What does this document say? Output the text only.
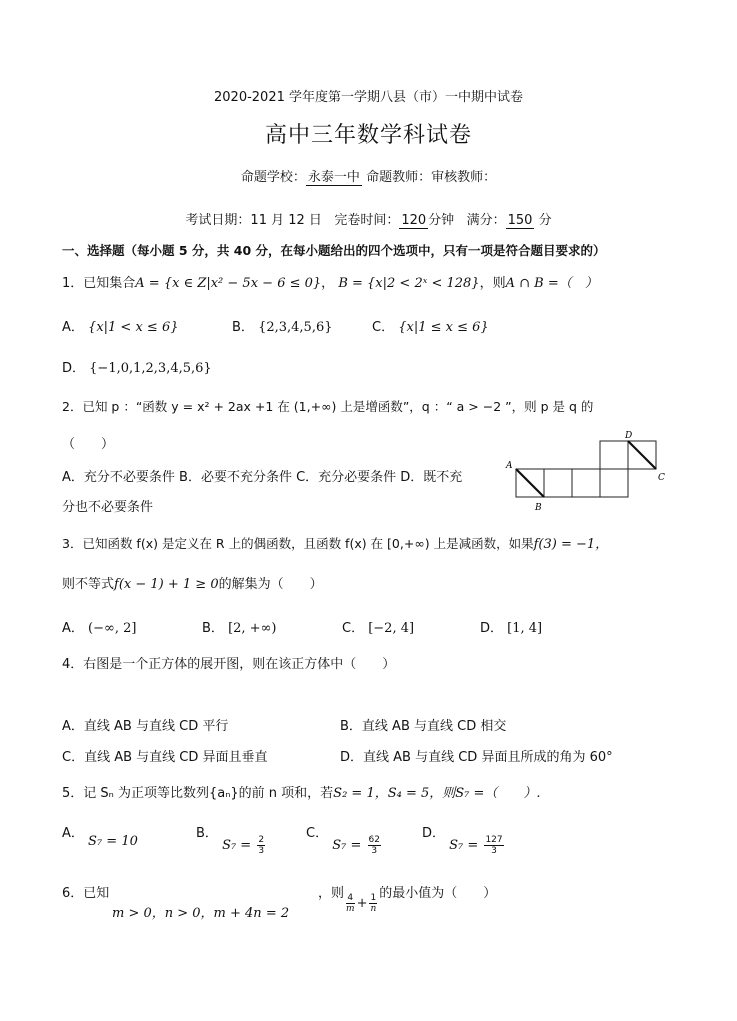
2020-2021 学年度第一学期八县（市）一中期中试卷
高中三年数学科试卷
命题学校： 永泰一中 命题教师：审核教师：
考试日期：11 月 12 日 完卷时间： 120 分钟 满分： 150 分
一、选择题（每小题 5 分，共 40 分，在每小题给出的四个选项中，只有一项是符合题目要求的）
1．已知集合A = {x ∈ Z|x² − 5x − 6 ≤ 0}， B = {x|2 < 2ˣ < 128}，则A ∩ B =（　）
A． {x|1 < x ≤ 6}	B． {2,3,4,5,6}	C． {x|1 ≤ x ≤ 6}
D． {−1,0,1,2,3,4,5,6}
2．已知 p ：“函数 y = x² + 2ax +1 在 (1,+∞) 上是增函数”，q ：“ a > −2 ”，则 p 是 q 的
（　　）
A．充分不必要条件 B．必要不充分条件 C．充分必要条件 D．既不充
分也不必要条件
A
B
C
D
3．已知函数 f(x) 是定义在 R 上的偶函数，且函数 f(x) 在 [0,+∞) 上是减函数，如果f(3) = −1，
则不等式f(x − 1) + 1 ≥ 0的解集为（　　）
A． (−∞, 2]	B． [2, +∞)	C． [−2, 4]	D． [1, 4]
4．右图是一个正方体的展开图，则在该正方体中（　　）
A．直线 AB 与直线 CD 平行	B．直线 AB 与直线 CD 相交
C．直线 AB 与直线 CD 异面且垂直	D．直线 AB 与直线 CD 异面且所成的角为 60°
5．记 Sₙ 为正项等比数列{aₙ}的前 n 项和，若S₂ = 1，S₄ = 5，则S₇ =（　　）.
A． S₇ = 10
B． $S_7 = \frac{2}{3}$
C． $S_7 = \frac{62}{3}$
D． $S_7 = \frac{127}{3}$
6．已知
m > 0，n > 0，m + 4n = 2
，则 $\frac{4}{m} + \frac{1}{n}$ 的最小值为（　　）
